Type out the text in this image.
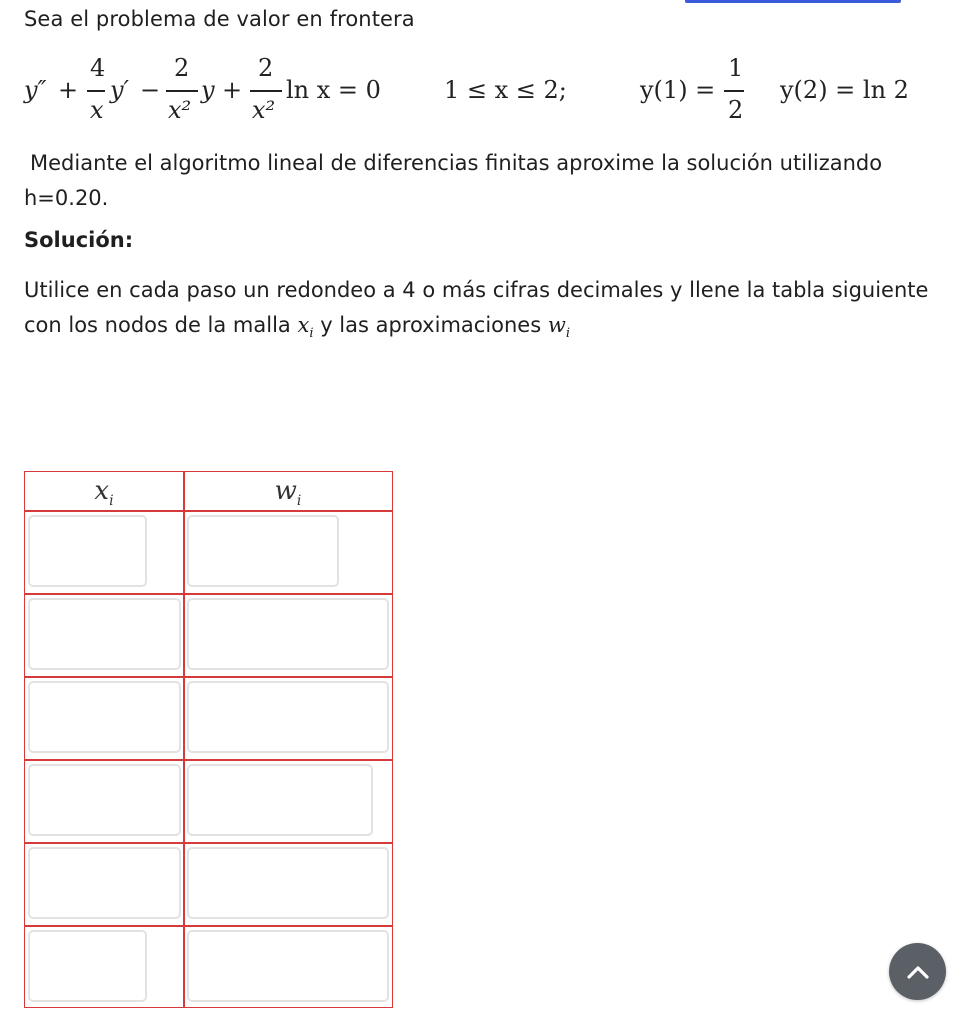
Sea el problema de valor en frontera

y″ +
4
x
y′ −
2
x²
y +
2
x²
ln x = 0	1 ≤ x ≤ 2;	y(1) =
1
2
y(2) = ln 2

Mediante el algoritmo lineal de diferencias finitas aproxime la solución utilizando h=0.20.

Solución:

Utilice en cada paso un redondeo a 4 o más cifras decimales y llene la tabla siguiente con los nodos de la malla $x_i$ y las aproximaciones $w_i$

$x_i$	$w_i$
